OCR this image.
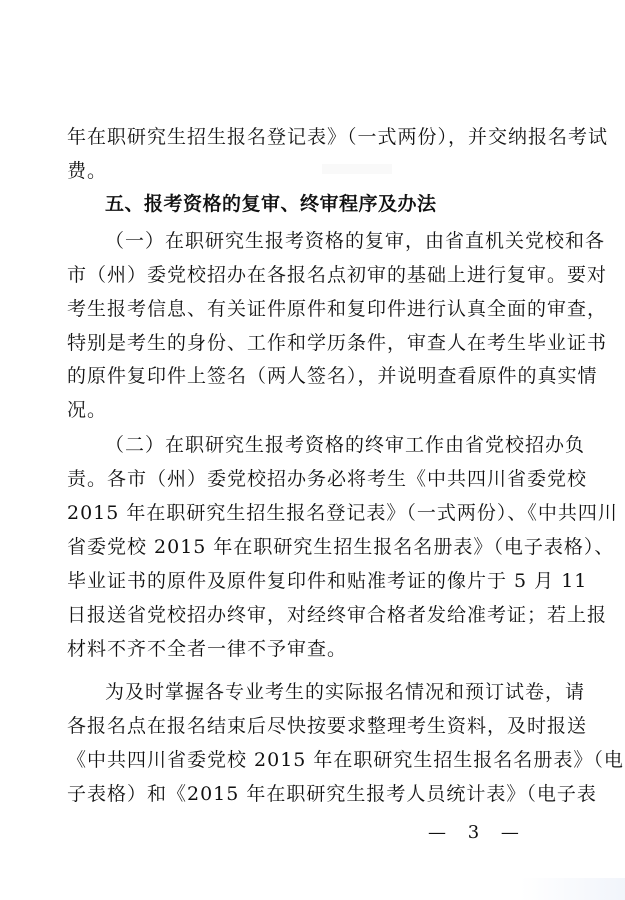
年在职研究生招生报名登记表》（一式两份），并交纳报名考试
费。
五、报考资格的复审、终审程序及办法
（一）在职研究生报考资格的复审，由省直机关党校和各
市（州）委党校招办在各报名点初审的基础上进行复审。要对
考生报考信息、有关证件原件和复印件进行认真全面的审查，
特别是考生的身份、工作和学历条件，审查人在考生毕业证书
的原件复印件上签名（两人签名），并说明查看原件的真实情
况。
（二）在职研究生报考资格的终审工作由省党校招办负
责。各市（州）委党校招办务必将考生《中共四川省委党校
2015 年在职研究生招生报名登记表》（一式两份）、《中共四川
省委党校 2015 年在职研究生招生报名名册表》（电子表格）、
毕业证书的原件及原件复印件和贴准考证的像片于 5 月 11
日报送省党校招办终审，对经终审合格者发给准考证；若上报
材料不齐不全者一律不予审查。
为及时掌握各专业考生的实际报名情况和预订试卷，请
各报名点在报名结束后尽快按要求整理考生资料，及时报送
《中共四川省委党校 2015 年在职研究生招生报名名册表》（电
子表格）和《2015 年在职研究生报考人员统计表》（电子表
— 3 —
